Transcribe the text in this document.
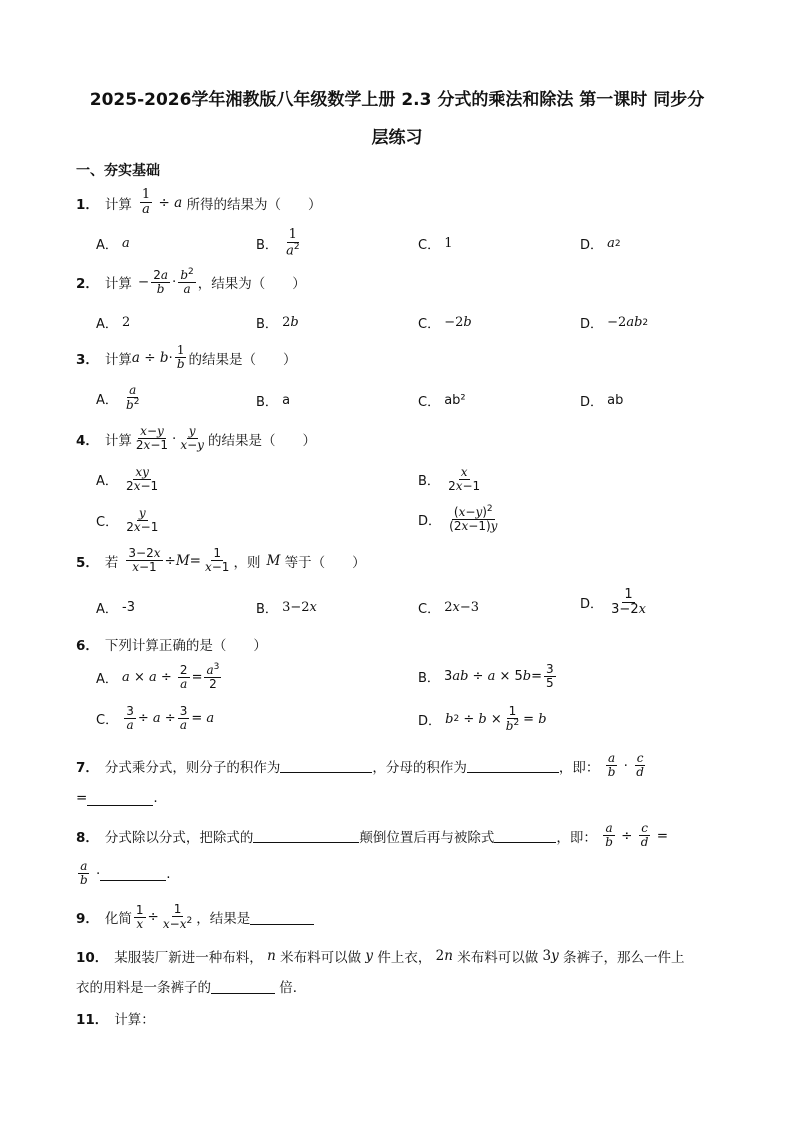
2025-2026学年湘教版八年级数学上册 2.3 分式的乘法和除法 第一课时 同步分
层练习
一、夯实基础
1． 计算 $\frac{1}{a} \div a$
所得的结果为（　　）
A．
a	B．
$\frac{1}{a^2}$	C．
1	D．
a 2
2． 计算 − $\frac{2a}{b} \cdot \frac{b^2}{a}$ ，结果为（　　）
A．
2	B．
2 b	C．
−2 b	D．
−2 ab 2
3． 计算 $a \div b \cdot \frac{1}{b}$ 的结果是（　　）
A．
$\frac{a}{b^2}$	B．
a	C．
ab²	D．
ab
4． 计算 $\frac{x-y}{2x-1} \cdot \frac{y}{x-y}$ 的结果是（　　）
A．
$\frac{xy}{2x-1}$	B．
$\frac{x}{2x-1}$
C．
$\frac{y}{2x-1}$	D．
$\frac{(x-y)^2}{(2x-1)y}$
5． 若 $\frac{3-2x}{x-1} \div M = \frac{1}{x-1}$ ，则 M
等于（　　）
A．
-3	B．
3−2 x	C．
2 x −3	D．
$\frac{1}{3-2x}$
6． 下列计算正确的是（　　）
A．
$a \times a \div \frac{2}{a} = \frac{a^3}{2}$	B． 3 ab ÷ a × 5 $b = \frac{3}{5}$
C．
$\frac{3}{a} \div a \div \frac{3}{a} = a$	D．
b $2 \div b \times \frac{1}{b^2} = b$
7． 分式乘分式，则分子的积作为	，分母的积作为	，即：
$\frac{a}{b} \cdot \frac{c}{d}$
=	.
8． 分式除以分式，把除式的	颠倒位置后再与被除式	，即：
$\frac{a}{b} \div \frac{c}{d}$ =
$\frac{a}{b}$ ·	.
9． 化简 $\frac{1}{x} \div \frac{1}{x-x^2}$ ，结果是
10． 某服装厂新进一种布料，
n
米布料可以做
y
件上衣，
2 n
米布料可以做
3 y
条裤子，那么一件上
衣的用料是一条裤子的
	倍．
11． 计算：
